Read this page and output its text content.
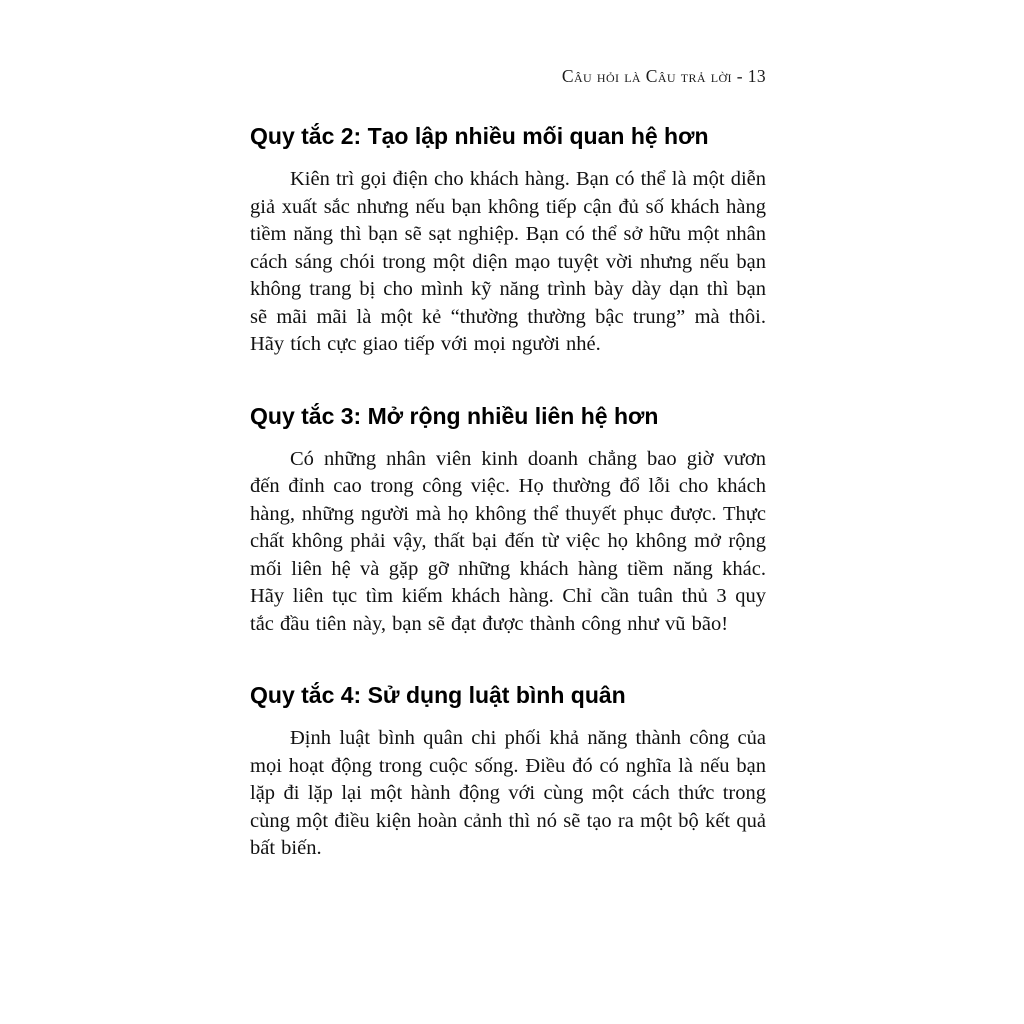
Câu hỏi là Câu trả lời - 13
Quy tắc 2: Tạo lập nhiều mối quan hệ hơn

Kiên trì gọi điện cho khách hàng. Bạn có thể là một diễn giả xuất sắc nhưng nếu bạn không tiếp cận đủ số khách hàng tiềm năng thì bạn sẽ sạt nghiệp. Bạn có thể sở hữu một nhân cách sáng chói trong một diện mạo tuyệt vời nhưng nếu bạn không trang bị cho mình kỹ năng trình bày dày dạn thì bạn sẽ mãi mãi là một kẻ “thường thường bậc trung” mà thôi. Hãy tích cực giao tiếp với mọi người nhé.

Quy tắc 3: Mở rộng nhiều liên hệ hơn

Có những nhân viên kinh doanh chẳng bao giờ vươn đến đỉnh cao trong công việc. Họ thường đổ lỗi cho khách hàng, những người mà họ không thể thuyết phục được. Thực chất không phải vậy, thất bại đến từ việc họ không mở rộng mối liên hệ và gặp gỡ những khách hàng tiềm năng khác. Hãy liên tục tìm kiếm khách hàng. Chỉ cần tuân thủ 3 quy tắc đầu tiên này, bạn sẽ đạt được thành công như vũ bão!

Quy tắc 4: Sử dụng luật bình quân

Định luật bình quân chi phối khả năng thành công của mọi hoạt động trong cuộc sống. Điều đó có nghĩa là nếu bạn lặp đi lặp lại một hành động với cùng một cách thức trong cùng một điều kiện hoàn cảnh thì nó sẽ tạo ra một bộ kết quả bất biến.
